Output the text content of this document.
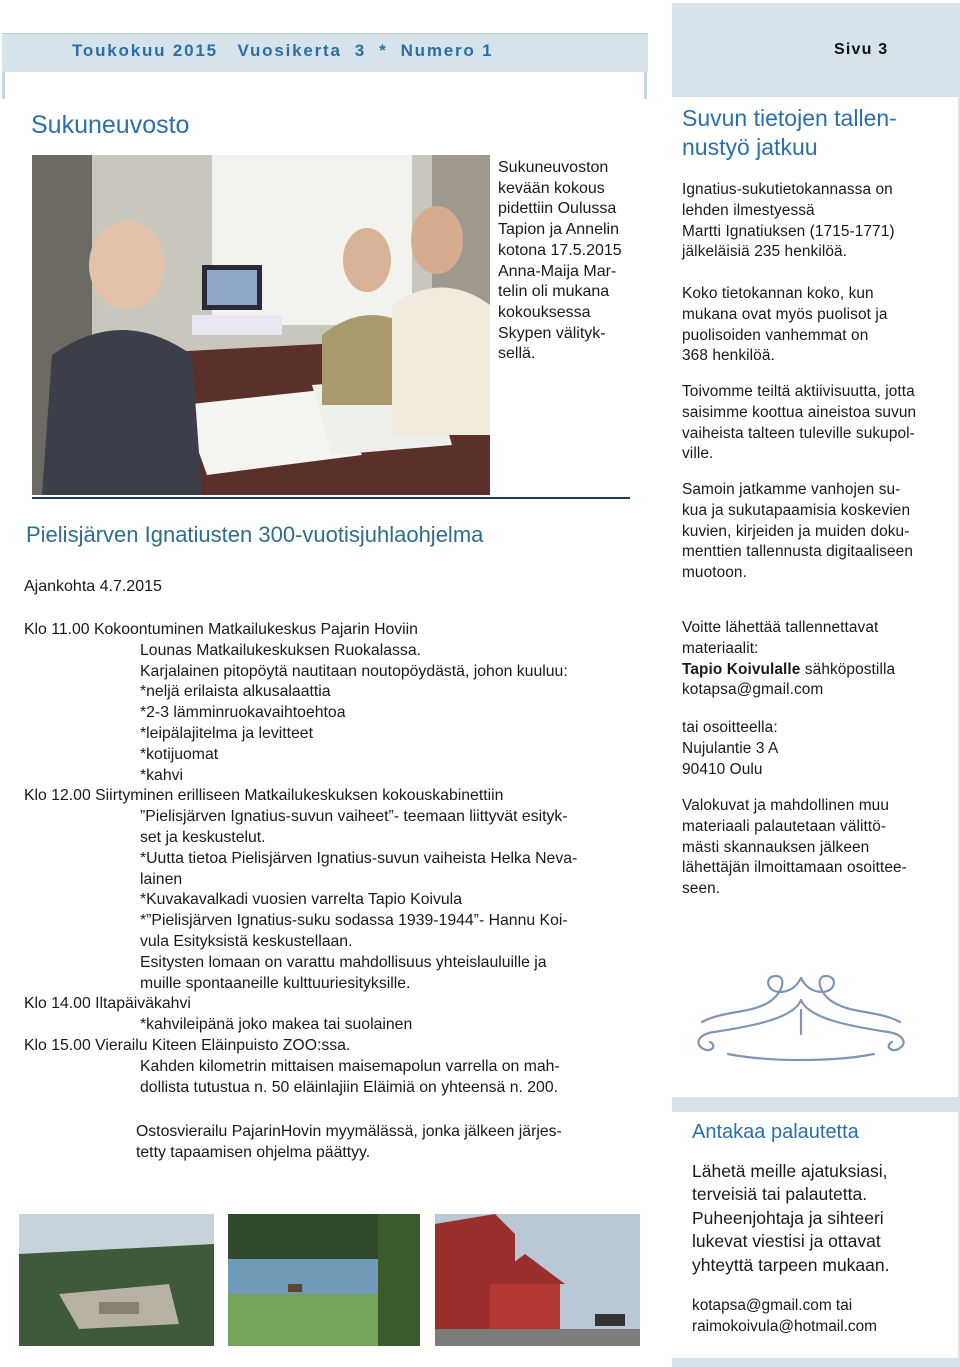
Toukokuu 2015   Vuosikerta  3  *  Numero 1	Sivu 3
Sukuneuvosto
Sukuneuvoston
kevään kokous
pidettiin Oulussa
Tapion ja Annelin
kotona 17.5.2015
Anna-Maija Mar-
telin oli mukana
kokouksessa
Skypen välityk-
sellä.
Pielisjärven Ignatiusten 300-vuotisjuhlaohjelma
Ajankohta 4.7.2015
Klo 11.00 Kokoontuminen Matkailukeskus Pajarin Hoviin
Lounas Matkailukeskuksen Ruokalassa.
Karjalainen pitopöytä nautitaan noutopöydästä, johon kuuluu:
*neljä erilaista alkusalaattia
*2-3 lämminruokavaihtoehtoa
*leipälajitelma ja levitteet
*kotijuomat
*kahvi
Klo 12.00 Siirtyminen erilliseen Matkailukeskuksen kokouskabinettiin
”Pielisjärven Ignatius-suvun vaiheet”- teemaan liittyvät esityk-
set ja keskustelut.
*Uutta tietoa Pielisjärven Ignatius-suvun vaiheista Helka Neva-
lainen
*Kuvakavalkadi vuosien varrelta Tapio Koivula
*”Pielisjärven Ignatius-suku sodassa 1939-1944”- Hannu Koi-
vula Esityksistä keskustellaan.
Esitysten lomaan on varattu mahdollisuus yhteislauluille ja
muille spontaaneille kulttuuriesityksille.
Klo 14.00 Iltapäiväkahvi
*kahvileipänä joko makea tai suolainen
Klo 15.00 Vierailu Kiteen Eläinpuisto ZOO:ssa.
Kahden kilometrin mittaisen maisemapolun varrella on mah-
dollista tutustua n. 50 eläinlajiin Eläimiä on yhteensä n. 200.
Ostosvierailu PajarinHovin myymälässä, jonka jälkeen järjes-
tetty tapaamisen ohjelma päättyy.
Suvun tietojen tallen-
nustyö jatkuu
Ignatius-sukutietokannassa on
lehden ilmestyessä
Martti Ignatiuksen (1715-1771)
jälkeläisiä 235 henkilöä.
Koko tietokannan koko, kun
mukana ovat myös puolisot ja
puolisoiden vanhemmat on
368 henkilöä.
Toivomme teiltä aktiivisuutta, jotta
saisimme koottua aineistoa suvun
vaiheista talteen tuleville sukupol-
ville.
Samoin jatkamme vanhojen su-
kua ja sukutapaamisia koskevien
kuvien, kirjeiden ja muiden doku-
menttien tallennusta digitaaliseen
muotoon.
Voitte lähettää tallennettavat
materiaalit:
Tapio Koivulalle sähköpostilla
kotapsa@gmail.com
tai osoitteella:
Nujulantie 3 A
90410 Oulu
Valokuvat ja mahdollinen muu
materiaali palautetaan välittö-
mästi skannauksen jälkeen
lähettäjän ilmoittamaan osoittee-
seen.
Antakaa palautetta
Lähetä meille ajatuksiasi,
terveisiä tai palautetta.
Puheenjohtaja ja sihteeri
lukevat viestisi ja ottavat
yhteyttä tarpeen mukaan.
kotapsa@gmail.com tai
raimokoivula@hotmail.com
